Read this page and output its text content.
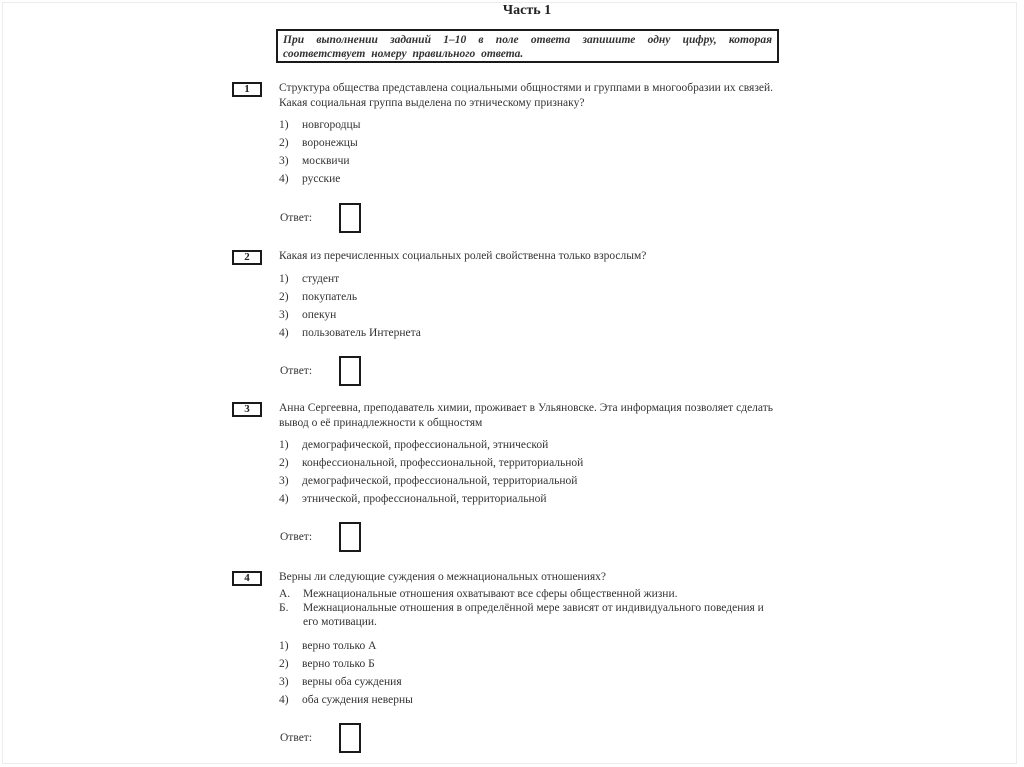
Часть 1
При выполнении заданий 1–10 в поле ответа запишите одну цифру, которая соответствует номеру правильного ответа.
1	Структура общества представлена социальными общностями и группами в многообразии их связей. Какая социальная группа выделена по этническому признаку?

1) новгородцы
2) воронежцы
3) москвичи
4) русские
Ответ:
2	Какая из перечисленных социальных ролей свойственна только взрослым?

1) студент
2) покупатель
3) опекун
4) пользователь Интернета
Ответ:
3	Анна Сергеевна, преподаватель химии, проживает в Ульяновске. Эта информация позволяет сделать вывод о её принадлежности к общностям

1) демографической, профессиональной, этнической
2) конфессиональной, профессиональной, территориальной
3) демографической, профессиональной, территориальной
4) этнической, профессиональной, территориальной
Ответ:
4	Верны ли следующие суждения о межнациональных отношениях?

А. Межнациональные отношения охватывают все сферы общественной жизни.
Б. Межнациональные отношения в определённой мере зависят от индивидуального поведения и его мотивации.
1) верно только А
2) верно только Б
3) верны оба суждения
4) оба суждения неверны
Ответ:
